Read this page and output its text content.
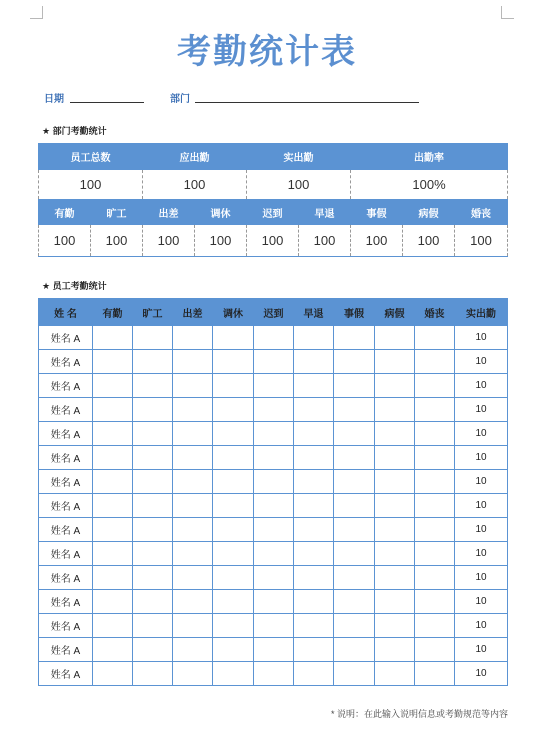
考勤统计表
日期	部门
★ 部门考勤统计
员工总数		应出勤		实出勤		出勤率		
100		100		100		100%		
有勤	旷工	出差	调休	迟到	早退	事假	病假	婚丧
100	100	100	100	100	100	100	100	100
★ 员工考勤统计
姓 名	有勤	旷工	出差	调休	迟到	早退	事假	病假	婚丧	实出勤
姓名 A										10
姓名 A										10
姓名 A										10
姓名 A										10
姓名 A										10
姓名 A										10
姓名 A										10
姓名 A										10
姓名 A										10
姓名 A										10
姓名 A										10
姓名 A										10
姓名 A										10
姓名 A										10
姓名 A										10
* 说明：在此输入说明信息或考勤规范等内容
